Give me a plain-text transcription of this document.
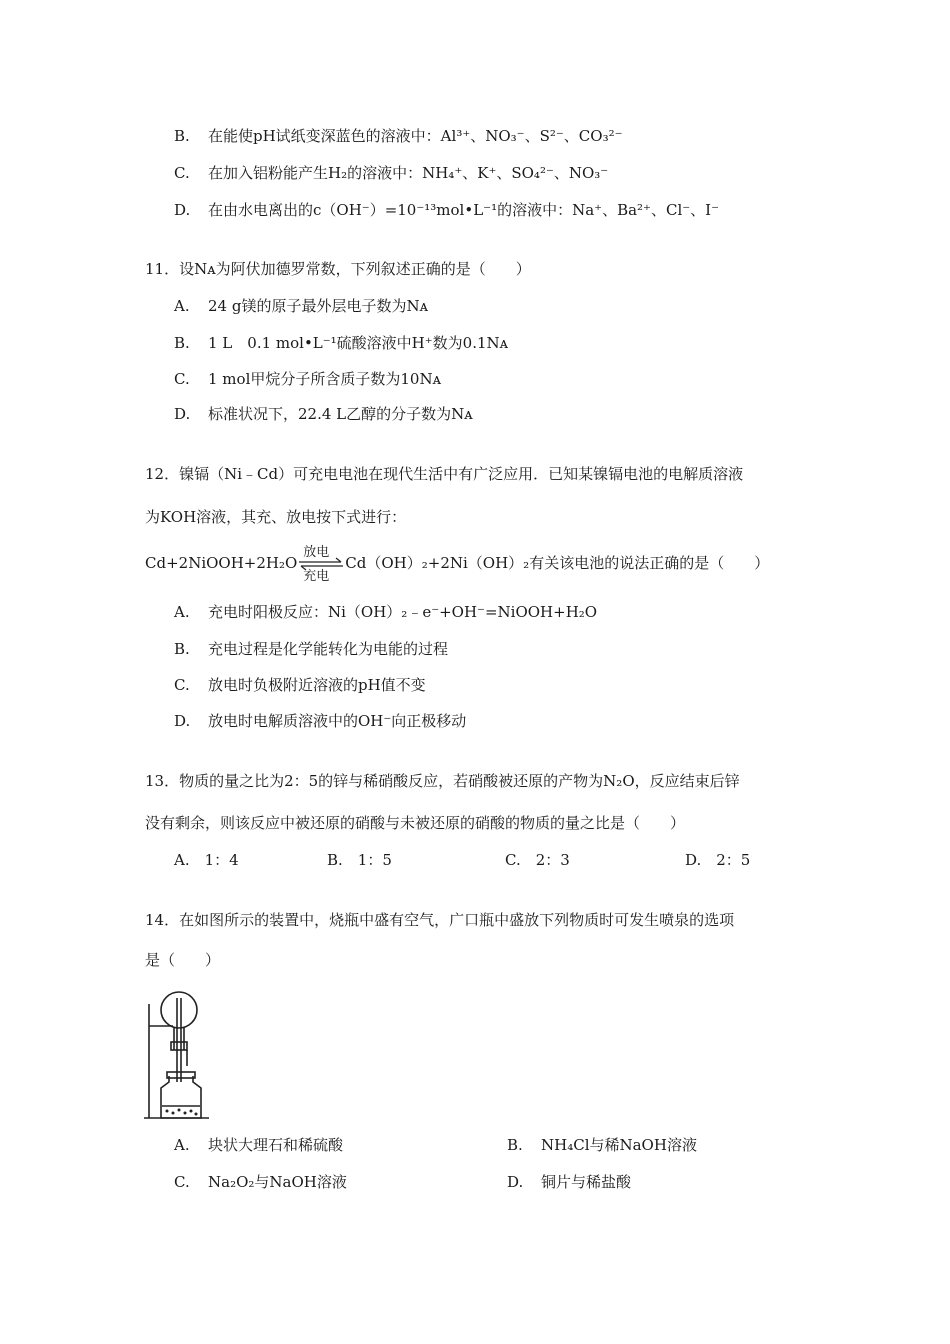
B. 在能使pH试纸变深蓝色的溶液中：Al³⁺、NO₃⁻、S²⁻、CO₃²⁻
C. 在加入铝粉能产生H₂的溶液中：NH₄⁺、K⁺、SO₄²⁻、NO₃⁻
D. 在由水电离出的c（OH⁻）=10⁻¹³mol•L⁻¹的溶液中：Na⁺、Ba²⁺、Cl⁻、I⁻
11．设Nᴀ为阿伏加德罗常数，下列叙述正确的是（　　）
A. 24 g镁的原子最外层电子数为Nᴀ
B. 1 L　0.1 mol•L⁻¹硫酸溶液中H⁺数为0.1Nᴀ
C. 1 mol甲烷分子所含质子数为10Nᴀ
D. 标准状况下，22.4 L乙醇的分子数为Nᴀ
12．镍镉（Ni﹣Cd）可充电电池在现代生活中有广泛应用．已知某镍镉电池的电解质溶液
为KOH溶液，其充、放电按下式进行：
Cd+2NiOOH+2H₂O
放电
充电
Cd（OH）₂+2Ni（OH）₂有关该电池的说法正确的是（　　）
A. 充电时阳极反应：Ni（OH）₂﹣e⁻+OH⁻=NiOOH+H₂O
B. 充电过程是化学能转化为电能的过程
C. 放电时负极附近溶液的pH值不变
D. 放电时电解质溶液中的OH⁻向正极移动
13．物质的量之比为2：5的锌与稀硝酸反应，若硝酸被还原的产物为N₂O，反应结束后锌
没有剩余，则该反应中被还原的硝酸与未被还原的硝酸的物质的量之比是（　　）
A.　1：4	B.　1：5	C.　2：3	D.　2：5
14．在如图所示的装置中，烧瓶中盛有空气，广口瓶中盛放下列物质时可发生喷泉的选项
是（　　）
A. 块状大理石和稀硫酸	B. NH₄Cl与稀NaOH溶液
C. Na₂O₂与NaOH溶液	D. 铜片与稀盐酸
